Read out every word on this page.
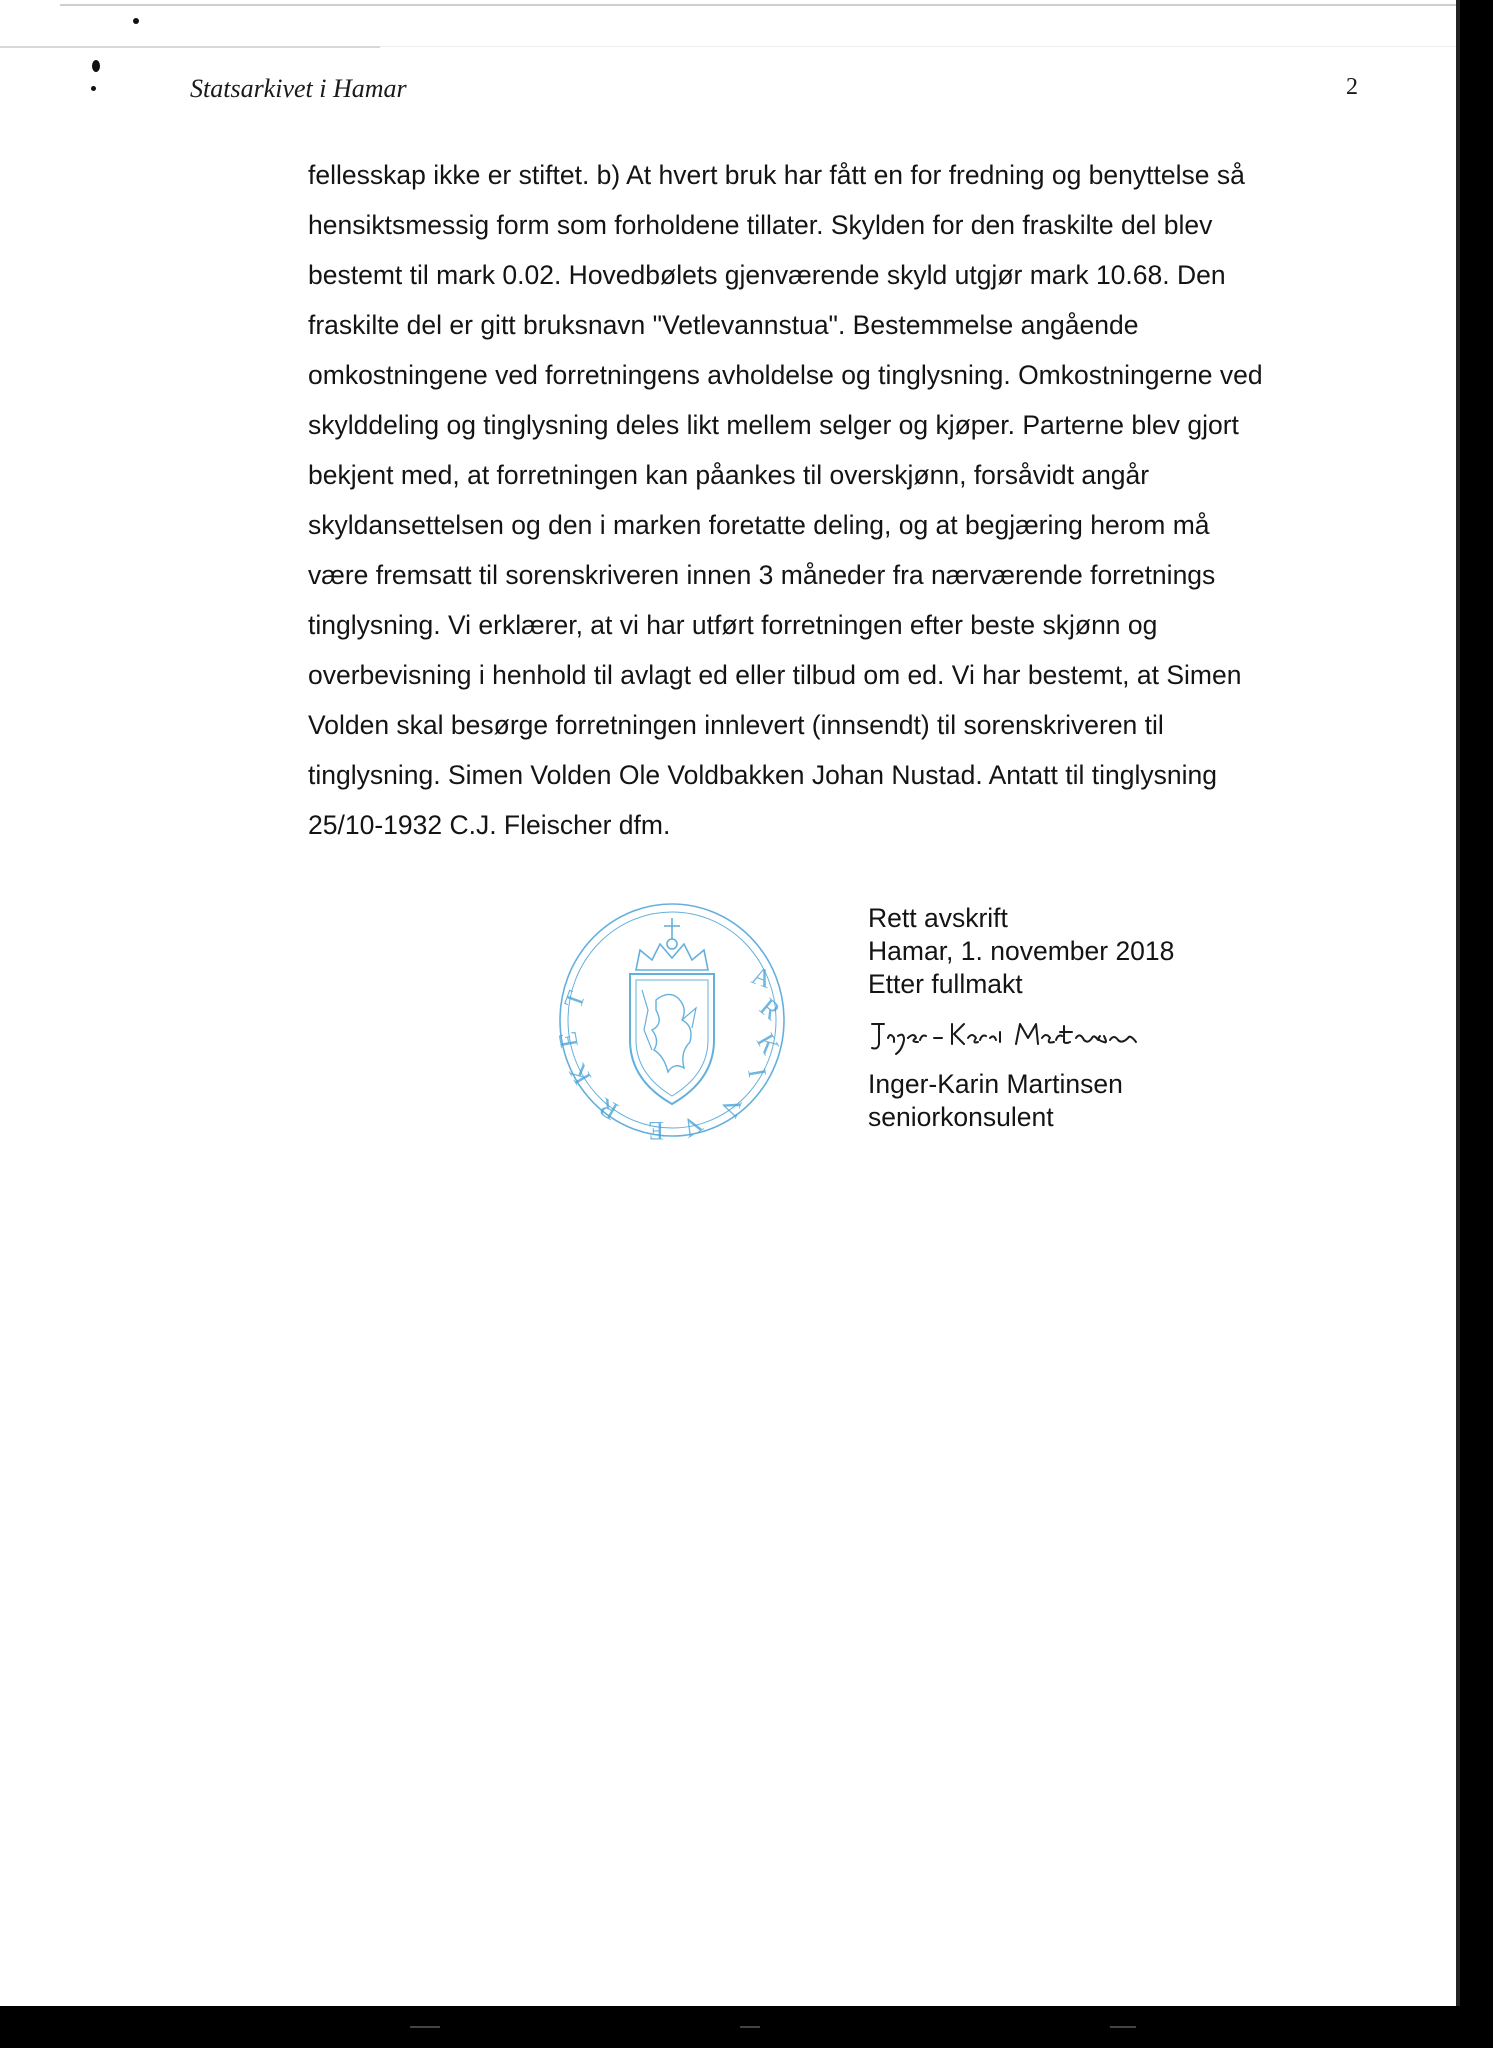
Statsarkivet i Hamar	2
fellesskap ikke er stiftet. b) At hvert bruk har fått en for fredning og benyttelse så
hensiktsmessig form som forholdene tillater. Skylden for den fraskilte del blev
bestemt til mark 0.02. Hovedbølets gjenværende skyld utgjør mark 10.68. Den
fraskilte del er gitt bruksnavn "Vetlevannstua". Bestemmelse angående
omkostningene ved forretningens avholdelse og tinglysning. Omkostningerne ved
skylddeling og tinglysning deles likt mellem selger og kjøper. Parterne blev gjort
bekjent med, at forretningen kan påankes til overskjønn, forsåvidt angår
skyldansettelsen og den i marken foretatte deling, og at begjæring herom må
være fremsatt til sorenskriveren innen 3 måneder fra nærværende forretnings
tinglysning. Vi erklærer, at vi har utført forretningen efter beste skjønn og
overbevisning i henhold til avlagt ed eller tilbud om ed. Vi har bestemt, at Simen
Volden skal besørge forretningen innlevert (innsendt) til sorenskriveren til
tinglysning. Simen Volden Ole Voldbakken Johan Nustad. Antatt til tinglysning
25/10-1932 C.J. Fleischer dfm.
A
R
K
I
V
V
E
R
K
E
T
Rett avskrift
Hamar, 1. november 2018
Etter fullmakt
Inger-Karin Martinsen
seniorkonsulent
